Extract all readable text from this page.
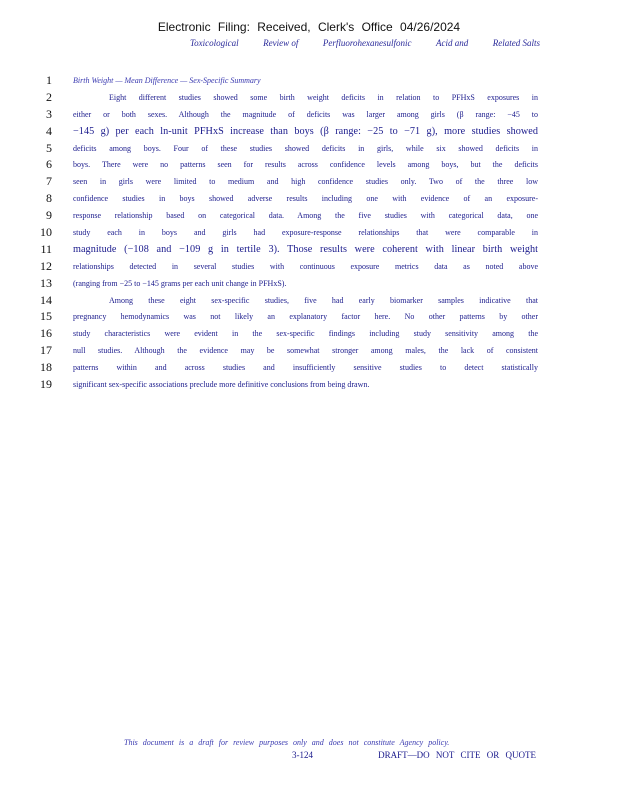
Electronic Filing: Received, Clerk's Office 04/26/2024
Toxicological	Review of	Perfluorohexanesulfonic	Acid and	Related Salts
1	Birth Weight — Mean Difference — Sex-Specific Summary
2	Eight different studies showed some birth weight deficits in relation to PFHxS exposures in
3	either or both sexes. Although the magnitude of deficits was larger among girls (β range: −45 to
4 −145 g) per each ln-unit PFHxS increase than boys (β range: −25 to −71 g), more studies showed
5	deficits among boys. Four of these studies showed deficits in girls, while six showed deficits in
6	boys. There were no patterns seen for results across confidence levels among boys, but the deficits
7	seen in girls were limited to medium and high confidence studies only. Two of the three low
8	confidence studies in boys showed adverse results including one with evidence of an exposure-
9	response relationship based on categorical data. Among the five studies with categorical data, one
10	study each in boys and girls had exposure-response relationships that were comparable in
11 magnitude (−108 and −109 g in tertile 3). Those results were coherent with linear birth weight
12	relationships detected in several studies with continuous exposure metrics data as noted above
13	(ranging from −25 to −145 grams per each unit change in PFHxS).
14	Among these eight sex-specific studies, five had early biomarker samples indicative that
15	pregnancy hemodynamics was not likely an explanatory factor here. No other patterns by other
16	study characteristics were evident in the sex-specific findings including study sensitivity among the
17	null studies. Although the evidence may be somewhat stronger among males, the lack of consistent
18	patterns within and across studies and insufficiently sensitive studies to detect statistically
19	significant sex-specific associations preclude more definitive conclusions from being drawn.
This document is a draft for review purposes only and does not constitute Agency policy.
3-124	DRAFT—DO NOT CITE OR QUOTE
